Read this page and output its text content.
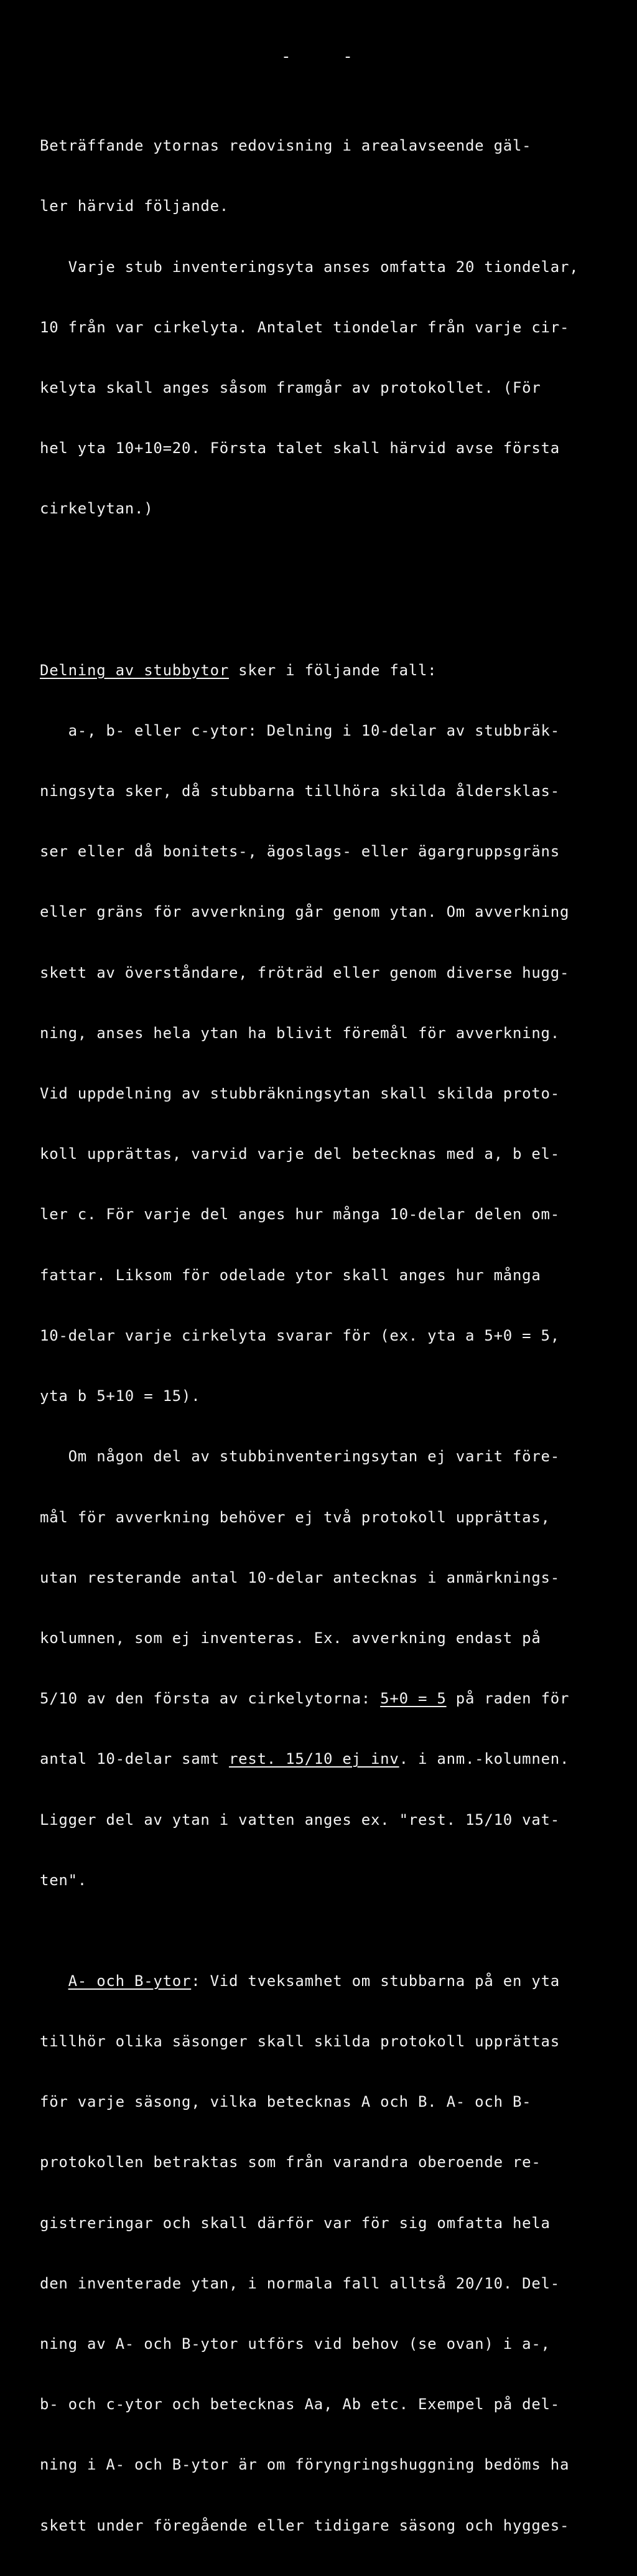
- -

Beträffande ytornas redovisning i arealavseende gäl-

ler härvid följande.

Varje stub inventeringsyta anses omfatta 20 tiondelar,

10 från var cirkelyta. Antalet tiondelar från varje cir-

kelyta skall anges såsom framgår av protokollet. (För

hel yta 10+10=20. Första talet skall härvid avse första

cirkelytan.)

Delning av stubbytor sker i följande fall:

a-, b- eller c-ytor: Delning i 10-delar av stubbräk-

ningsyta sker, då stubbarna tillhöra skilda åldersklas-

ser eller då bonitets-, ägoslags- eller ägargruppsgräns

eller gräns för avverkning går genom ytan. Om avverkning

skett av överståndare, fröträd eller genom diverse hugg-

ning, anses hela ytan ha blivit föremål för avverkning.

Vid uppdelning av stubbräkningsytan skall skilda proto-

koll upprättas, varvid varje del betecknas med a, b el-

ler c. För varje del anges hur många 10-delar delen om-

fattar. Liksom för odelade ytor skall anges hur många

10-delar varje cirkelyta svarar för (ex. yta a 5+0 = 5,

yta b 5+10 = 15).

Om någon del av stubbinventeringsytan ej varit före-

mål för avverkning behöver ej två protokoll upprättas,

utan resterande antal 10-delar antecknas i anmärknings-

kolumnen, som ej inventeras. Ex. avverkning endast på

5/10 av den första av cirkelytorna: 5+0 = 5 på raden för

antal 10-delar samt rest. 15/10 ej inv. i anm.-kolumnen.

Ligger del av ytan i vatten anges ex. "rest. 15/10 vat-

ten".

A- och B-ytor: Vid tveksamhet om stubbarna på en yta

tillhör olika säsonger skall skilda protokoll upprättas

för varje säsong, vilka betecknas A och B. A- och B-

protokollen betraktas som från varandra oberoende re-

gistreringar och skall därför var för sig omfatta hela

den inventerade ytan, i normala fall alltså 20/10. Del-

ning av A- och B-ytor utförs vid behov (se ovan) i a-,

b- och c-ytor och betecknas Aa, Ab etc. Exempel på del-

ning i A- och B-ytor är om föryngringshuggning bedöms ha

skett under föregående eller tidigare säsong och hygges-
